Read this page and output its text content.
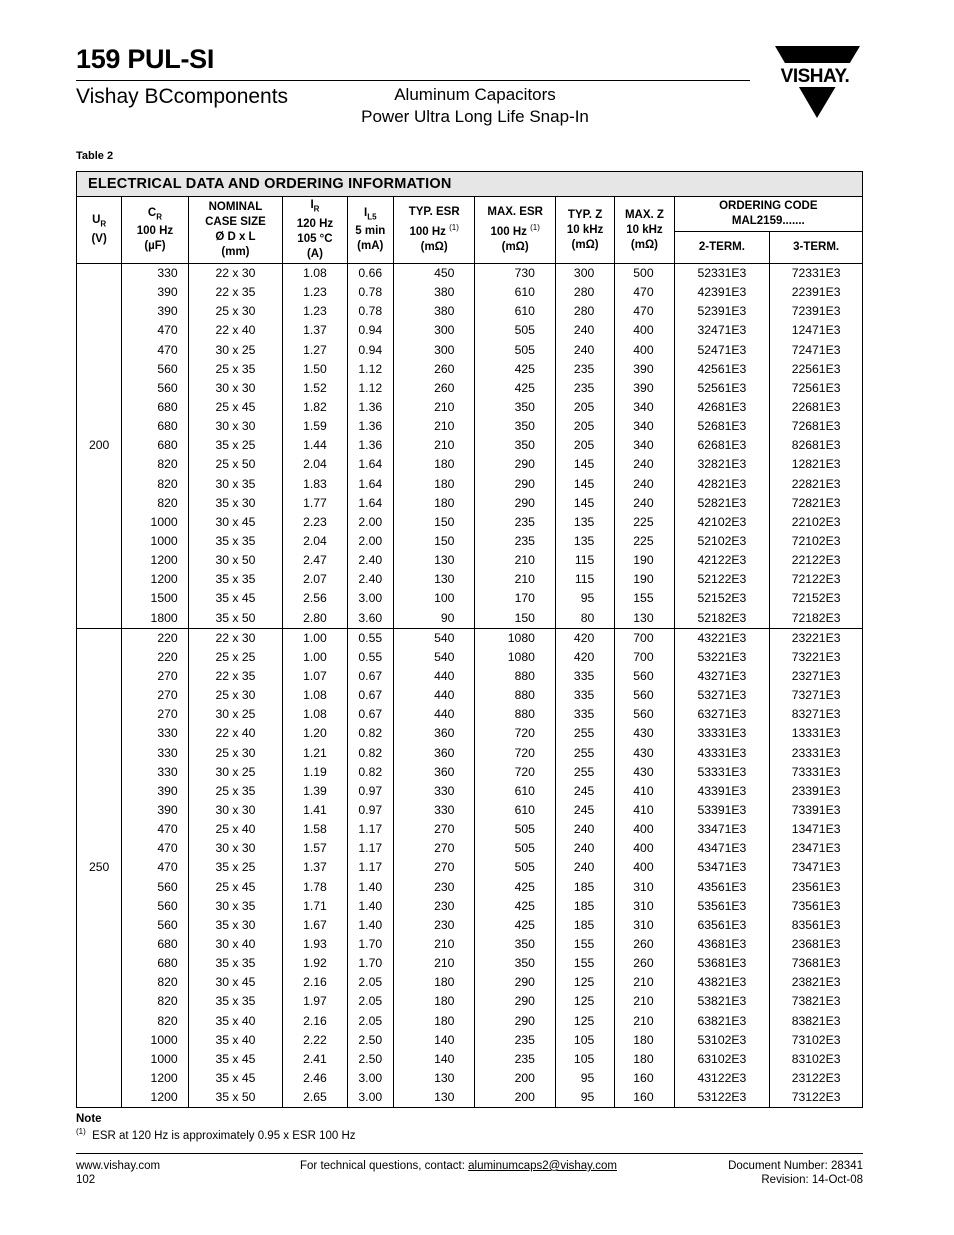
159 PUL-SI
Vishay BCcomponents	Aluminum Capacitors
Power Ultra Long Life Snap-In
VISHAY.
Table 2
ELECTRICAL DATA AND ORDERING INFORMATION										
$U_R$
(V)	$C_R$
100 Hz
(µF)	NOMINAL
CASE SIZE
Ø D x L
(mm)	$I_R$
120 Hz
105 °C
(A)	$I_{L5}$
5 min
(mA)	TYP. ESR
100 Hz $^{(1)}$
(mΩ)	MAX. ESR
100 Hz $^{(1)}$
(mΩ)	TYP. Z
10 kHz
(mΩ)	MAX. Z
10 kHz
(mΩ)	ORDERING CODE
MAL2159.......	
									2-TERM.	3-TERM.
200	330	22 x 30	1.08	0.66	450	730	300	500	52331E3	72331E3
	390	22 x 35	1.23	0.78	380	610	280	470	42391E3	22391E3
	390	25 x 30	1.23	0.78	380	610	280	470	52391E3	72391E3
	470	22 x 40	1.37	0.94	300	505	240	400	32471E3	12471E3
	470	30 x 25	1.27	0.94	300	505	240	400	52471E3	72471E3
	560	25 x 35	1.50	1.12	260	425	235	390	42561E3	22561E3
	560	30 x 30	1.52	1.12	260	425	235	390	52561E3	72561E3
	680	25 x 45	1.82	1.36	210	350	205	340	42681E3	22681E3
	680	30 x 30	1.59	1.36	210	350	205	340	52681E3	72681E3
	680	35 x 25	1.44	1.36	210	350	205	340	62681E3	82681E3
	820	25 x 50	2.04	1.64	180	290	145	240	32821E3	12821E3
	820	30 x 35	1.83	1.64	180	290	145	240	42821E3	22821E3
	820	35 x 30	1.77	1.64	180	290	145	240	52821E3	72821E3
	1000	30 x 45	2.23	2.00	150	235	135	225	42102E3	22102E3
	1000	35 x 35	2.04	2.00	150	235	135	225	52102E3	72102E3
	1200	30 x 50	2.47	2.40	130	210	115	190	42122E3	22122E3
	1200	35 x 35	2.07	2.40	130	210	115	190	52122E3	72122E3
	1500	35 x 45	2.56	3.00	100	170	95	155	52152E3	72152E3
	1800	35 x 50	2.80	3.60	90	150	80	130	52182E3	72182E3
250	220	22 x 30	1.00	0.55	540	1080	420	700	43221E3	23221E3
	220	25 x 25	1.00	0.55	540	1080	420	700	53221E3	73221E3
	270	22 x 35	1.07	0.67	440	880	335	560	43271E3	23271E3
	270	25 x 30	1.08	0.67	440	880	335	560	53271E3	73271E3
	270	30 x 25	1.08	0.67	440	880	335	560	63271E3	83271E3
	330	22 x 40	1.20	0.82	360	720	255	430	33331E3	13331E3
	330	25 x 30	1.21	0.82	360	720	255	430	43331E3	23331E3
	330	30 x 25	1.19	0.82	360	720	255	430	53331E3	73331E3
	390	25 x 35	1.39	0.97	330	610	245	410	43391E3	23391E3
	390	30 x 30	1.41	0.97	330	610	245	410	53391E3	73391E3
	470	25 x 40	1.58	1.17	270	505	240	400	33471E3	13471E3
	470	30 x 30	1.57	1.17	270	505	240	400	43471E3	23471E3
	470	35 x 25	1.37	1.17	270	505	240	400	53471E3	73471E3
	560	25 x 45	1.78	1.40	230	425	185	310	43561E3	23561E3
	560	30 x 35	1.71	1.40	230	425	185	310	53561E3	73561E3
	560	35 x 30	1.67	1.40	230	425	185	310	63561E3	83561E3
	680	30 x 40	1.93	1.70	210	350	155	260	43681E3	23681E3
	680	35 x 35	1.92	1.70	210	350	155	260	53681E3	73681E3
	820	30 x 45	2.16	2.05	180	290	125	210	43821E3	23821E3
	820	35 x 35	1.97	2.05	180	290	125	210	53821E3	73821E3
	820	35 x 40	2.16	2.05	180	290	125	210	63821E3	83821E3
	1000	35 x 40	2.22	2.50	140	235	105	180	53102E3	73102E3
	1000	35 x 45	2.41	2.50	140	235	105	180	63102E3	83102E3
	1200	35 x 45	2.46	3.00	130	200	95	160	43122E3	23122E3
	1200	35 x 50	2.65	3.00	130	200	95	160	53122E3	73122E3
Note
$^{(1)}$ ESR at 120 Hz is approximately 0.95 x ESR 100 Hz
www.vishay.com
102
For technical questions, contact: aluminumcaps2@vishay.com	Document Number: 28341
Revision: 14-Oct-08
